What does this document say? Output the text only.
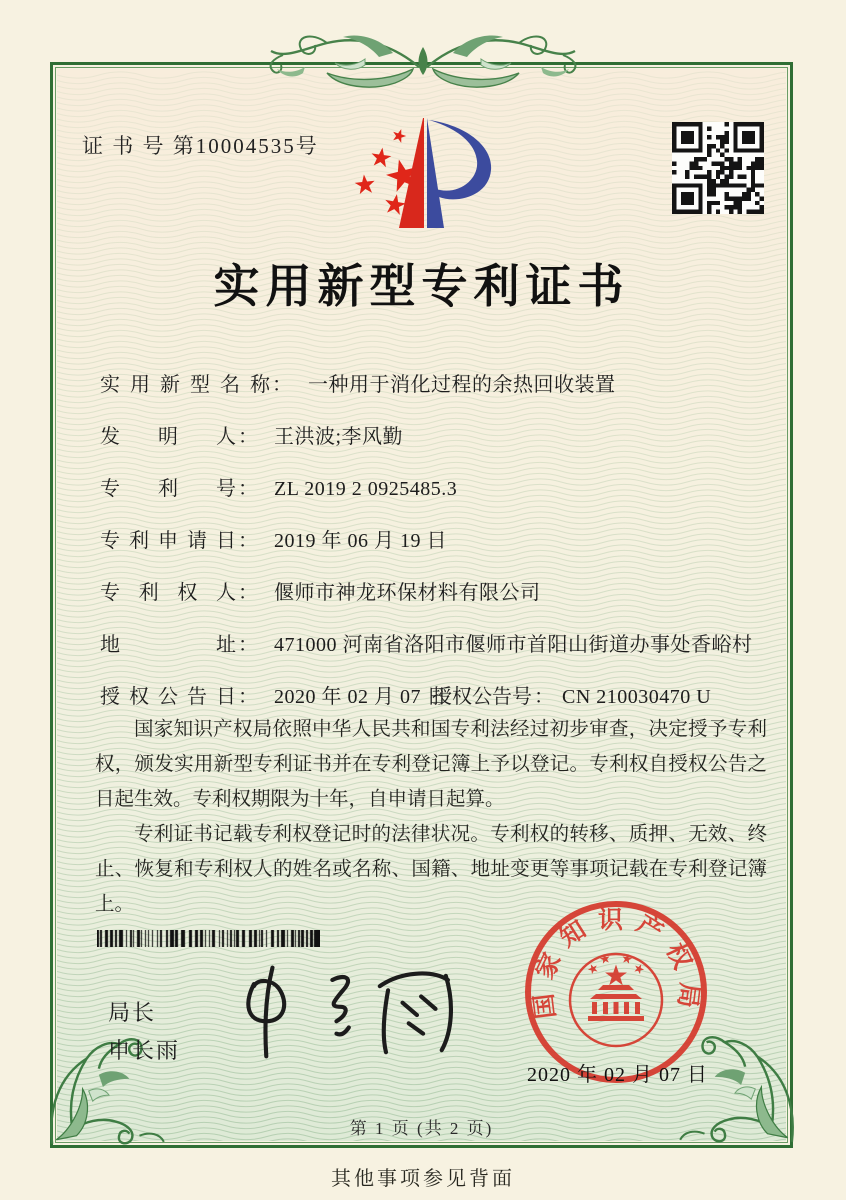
证 书 号 第10004535号
实用新型专利证书
实用新型名称 ： 一种用于消化过程的余热回收装置
发明人 ： 王洪波;李风勤
专利号 ： ZL 2019 2 0925485.3
专利申请日 ： 2019 年 06 月 19 日
专利权人 ： 偃师市神龙环保材料有限公司
地址 ： 471000 河南省洛阳市偃师市首阳山街道办事处香峪村
授权公告日 ： 2020 年 02 月 07 日
授权公告号 ： CN 210030470 U

国家知识产权局依照中华人民共和国专利法经过初步审查，决定授予专利权，颁发实用新型专利证书并在专利登记簿上予以登记。专利权自授权公告之日起生效。专利权期限为十年，自申请日起算。

专利证书记载专利权登记时的法律状况。专利权的转移、质押、无效、终止、恢复和专利权人的姓名或名称、国籍、地址变更等事项记载在专利登记簿上。

局长
申长雨
国家知识产权局
2020 年 02 月 07 日
第 1 页 (共 2 页)
其他事项参见背面
